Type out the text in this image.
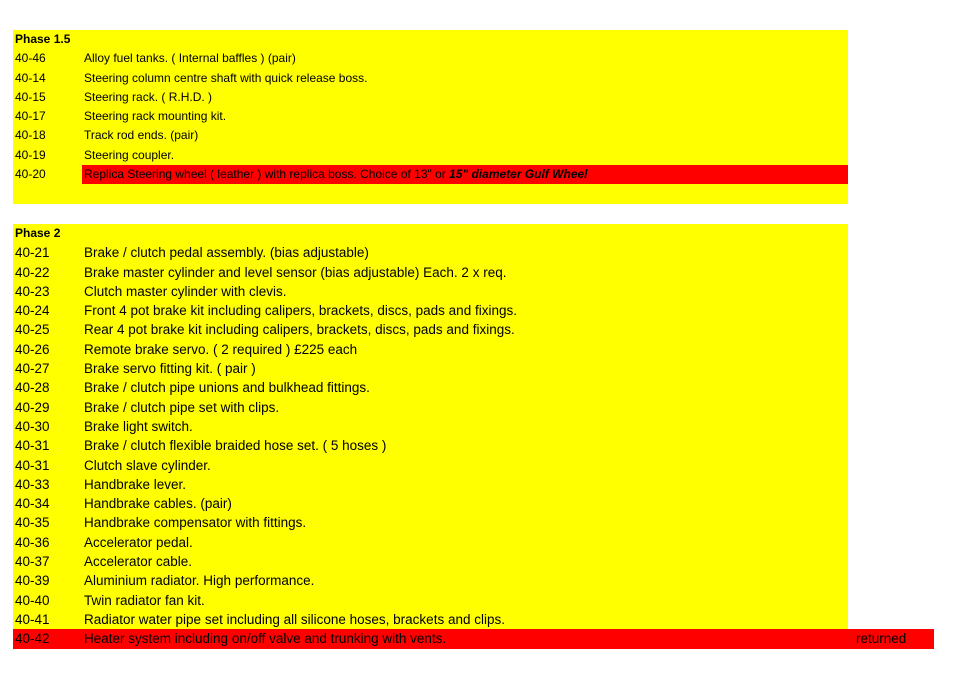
Phase 1.5
40-46	Alloy fuel tanks. ( Internal baffles ) (pair)
40-14	Steering column centre shaft with quick release boss.
40-15	Steering rack. ( R.H.D. )
40-17	Steering rack mounting kit.
40-18	Track rod ends. (pair)
40-19	Steering coupler.
40-20	Replica Steering wheel ( leather ) with replica boss. Choice of 13" or 15" diameter Gulf Wheel
Phase 2
40-21	Brake / clutch pedal assembly. (bias adjustable)
40-22	Brake master cylinder and level sensor (bias adjustable) Each. 2 x req.
40-23	Clutch master cylinder with clevis.
40-24	Front 4 pot brake kit including calipers, brackets, discs, pads and fixings.
40-25	Rear 4 pot brake kit including calipers, brackets, discs, pads and fixings.
40-26	Remote brake servo. ( 2 required ) £225 each
40-27	Brake servo fitting kit. ( pair )
40-28	Brake / clutch pipe unions and bulkhead fittings.
40-29	Brake / clutch pipe set with clips.
40-30	Brake light switch.
40-31	Brake / clutch flexible braided hose set. ( 5 hoses )
40-31	Clutch slave cylinder.
40-33	Handbrake lever.
40-34	Handbrake cables. (pair)
40-35	Handbrake compensator with fittings.
40-36	Accelerator pedal.
40-37	Accelerator cable.
40-39	Aluminium radiator. High performance.
40-40	Twin radiator fan kit.
40-41	Radiator water pipe set including all silicone hoses, brackets and clips.
40-42	Heater system including on/off valve and trunking with vents.	returned
